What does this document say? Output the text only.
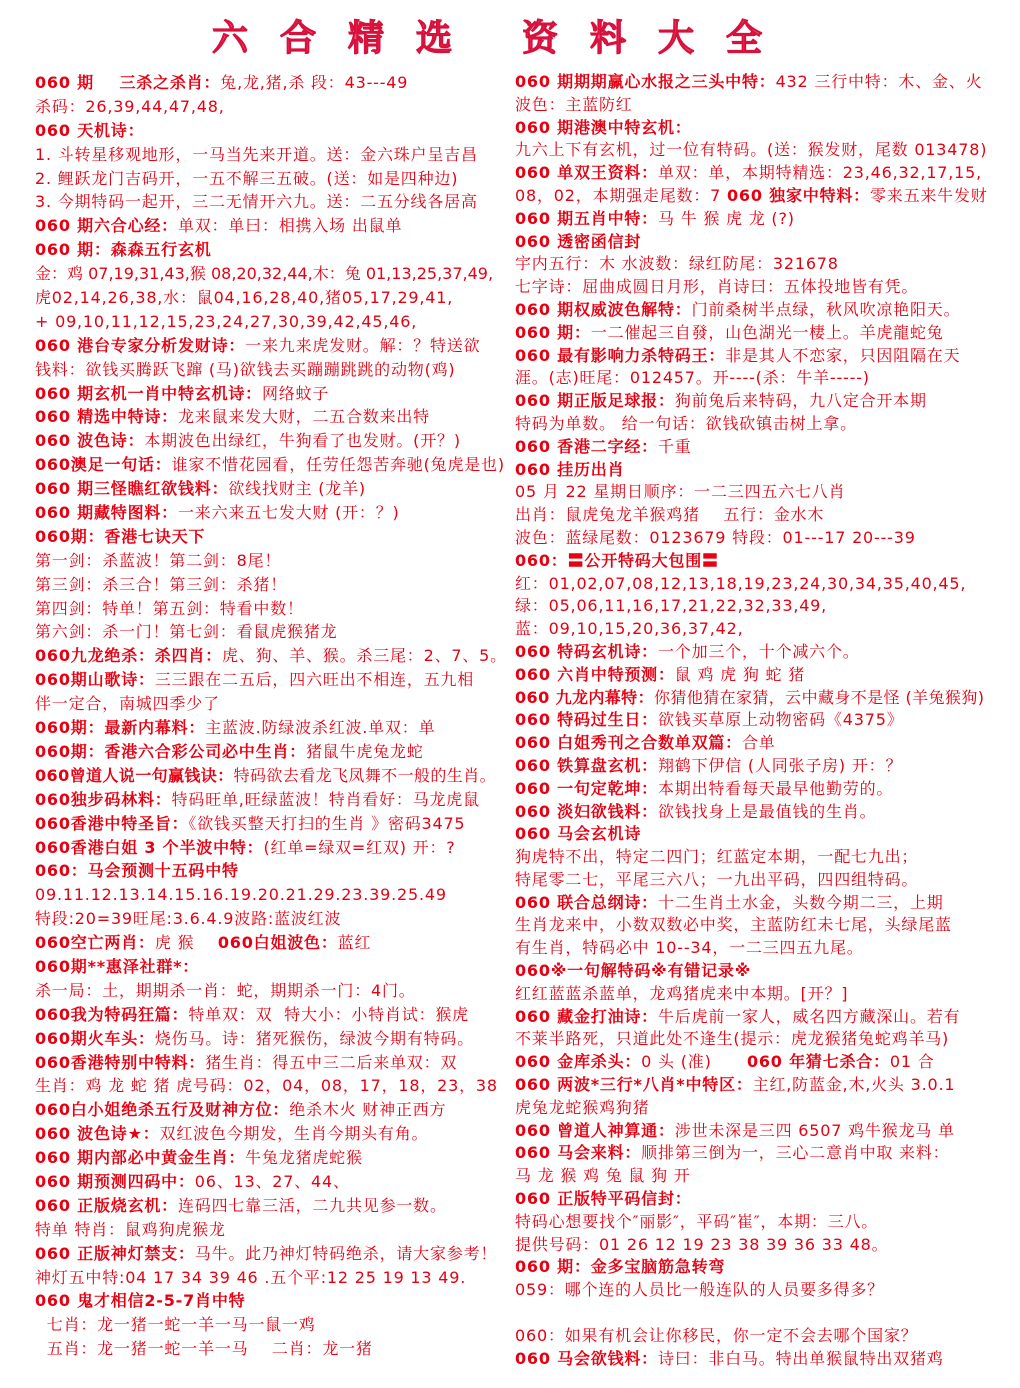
六合精选 资料大全
060 期    三杀之杀肖：兔,龙,猪,杀 段：43---49
杀码：26,39,44,47,48,
060 天机诗：
1. 斗转星移观地形，一马当先来开道。送：金六珠户呈吉昌
2. 鲤跃龙门吉码开，一五不解三五破。(送：如是四种边)
3. 今期特码一起开，三二无情开六九。送：二五分线各居高
060 期六合心经：单双：单曰：相携入场 出鼠单
060 期：森森五行玄机
金：鸡 07,19,31,43,猴 08,20,32,44,木：兔 01,13,25,37,49,
虎02,14,26,38,水：鼠04,16,28,40,猪05,17,29,41,
+ 09,10,11,12,15,23,24,27,30,39,42,45,46,
060 港台专家分析发财诗：一来九来虎发财。解：？特送欲
钱料：欲钱买腾跃飞蹿 (马)欲钱去买蹦蹦跳跳的动物(鸡)
060 期玄机一肖中特玄机诗：网络蚊子
060 精选中特诗：龙来鼠来发大财，二五合数来出特
060 波色诗：本期波色出绿红，牛狗看了也发财。(开？)
060澳足一句话：谁家不惜花园看，任劳任怨苦奔驰(兔虎是也)
060 期三怪瞧红欲钱料：欲线找财主 (龙羊)
060 期藏特图料：一来六来五七发大财 (开：？)
060期：香港七诀天下
第一剑：杀蓝波！第二剑：8尾！
第三剑：杀三合！第三剑：杀猪！
第四剑：特单！第五剑：特看中数！
第六剑：杀一门！第七剑：看鼠虎猴猪龙
060九龙绝杀：杀四肖：虎、狗、羊、猴。杀三尾：2、7、5。
060期山歌诗：三三跟在二五后，四六旺出不相连，五九相
伴一定合，南城四季少了
060期：最新内幕料：主蓝波.防绿波杀红波.单双：单
060期：香港六合彩公司必中生肖：猪鼠牛虎兔龙蛇
060曾道人说一句赢钱诀：特码欲去看龙飞凤舞不一般的生肖。
060独步码林料：特码旺单,旺绿蓝波！特肖看好：马龙虎鼠
060香港中特圣旨：《欲钱买整天打扫的生肖 》密码3475
060香港白姐 3 个半波中特：(红单=绿双=红双) 开：?
060：马会预测十五码中特
09.11.12.13.14.15.16.19.20.21.29.23.39.25.49
特段:20=39旺尾:3.6.4.9波路:蓝波红波
060空亡两肖：虎 猴    060白姐波色：蓝红
060期**惠泽社群*：
杀一局：土，期期杀一肖：蛇，期期杀一门：4门。
060我为特码狂篇：特单双：双  特大小：小特肖试：猴虎
060期火车头：烧伤马。诗：猪死猴伤，绿波今期有特码。
060香港特别中特料：猪生肖：得五中三二后来单双：双
生肖：鸡 龙 蛇 猪 虎号码：02，04，08，17，18，23，38
060白小姐绝杀五行及财神方位：绝杀木火 财神正西方
060 波色诗★：双红波色今期发，生肖今期头有角。
060 期内部必中黄金生肖：牛兔龙猪虎蛇猴
060 期预测四码中：06、13、27、44、
060 正版烧玄机：连码四七靠三活，二九共见参一数。
特单 特肖：鼠鸡狗虎猴龙
060 正版神灯禁支：马牛。此乃神灯特码绝杀，请大家参考！
神灯五中特:04 17 34 39 46 .五个平:12 25 19 13 49.
060 鬼才相信2-5-7肖中特
七肖：龙一猪一蛇一羊一马一鼠一鸡
五肖：龙一猪一蛇一羊一马    二肖：龙一猪
060 期期期赢心水报之三头中特：432 三行中特：木、金、火
波色：主蓝防红
060 期港澳中特玄机：
九六上下有玄机，过一位有特码。(送：猴发财，尾数 013478)
060 单双王资料：单双：单，本期特精选：23,46,32,17,15,
08，02，本期强走尾数：7 060 独家中特料：零来五来牛发财
060 期五肖中特：马 牛 猴 虎 龙 (?)
060 透密函信封
宇内五行：木 水波数：绿红防尾：321678
七字诗：屈曲成圆日月形，肖诗曰：五体投地皆有凭。
060 期权威波色解特：门前桑树半点绿，秋风吹凉艳阳天。
060 期：一二催起三自發，山色湖光一棲上。羊虎龍蛇兔
060 最有影响力杀特码王：非是其人不恋家，只因阻隔在天
涯。(志)旺尾：012457。开----(杀：牛羊-----)
060 期正版足球报：狗前兔后来特码，九八定合开本期
特码为单数。 给一句话：欲钱砍镇击树上拿。
060 香港二字经：千重
060 挂历出肖
05 月 22 星期日顺序：一二三四五六七八肖
出肖：鼠虎兔龙羊猴鸡猪    五行：金水木
波色：蓝绿尾数：0123679 特段：01---17 20---39
060：〓公开特码大包围〓
红：01,02,07,08,12,13,18,19,23,24,30,34,35,40,45,
绿：05,06,11,16,17,21,22,32,33,49,
蓝：09,10,15,20,36,37,42,
060 特码玄机诗：一个加三个，十个减六个。
060 六肖中特预测：鼠 鸡 虎 狗 蛇 猪
060 九龙内幕特：你猜他猜在家猜，云中藏身不是怪 (羊兔猴狗)
060 特码过生日：欲钱买草原上动物密码《4375》
060 白姐秀刊之合数单双篇：合单
060 铁算盘玄机：翔鹤下伊信 (人同张子房) 开：？
060 一句定乾坤：本期出特看每天最早他勤劳的。
060 淡妇欲钱料：欲钱找身上是最值钱的生肖。
060 马会玄机诗
狗虎特不出，特定二四门；红蓝定本期，一配七九出；
特尾零二七，平尾三六八；一九出平码，四四组特码。
060 联合总纲诗：十二生肖土水金，头数今期二三，上期
生肖龙来中，小数双数必中奖，主蓝防红未七尾，头绿尾蓝
有生肖，特码必中 10--34，一二三四五九尾。
060※一句解特码※有错记录※
红红蓝蓝杀蓝单，龙鸡猪虎来中本期。[开？]
060 藏金打油诗：牛后虎前一家人，威名四方藏深山。若有
不莱半路死，只道此处不逢生(提示：虎龙猴猪兔蛇鸡羊马)
060 金库杀头：0 头 (准)      060 年猜七杀合：01 合
060 两波*三行*八肖*中特区：主红,防蓝金,木,火头 3.0.1
虎兔龙蛇猴鸡狗猪
060 曾道人神算通：涉世未深是三四 6507 鸡牛猴龙马 单
060 马会来料：顺排第三倒为一，三心二意肖中取 来料：
马 龙 猴 鸡 兔 鼠 狗 开
060 正版特平码信封：
特码心想要找个″丽影″，平码″崔″，本期：三八。
提供号码：01 26 12 19 23 38 39 36 33 48。
060 期：金多宝脑筋急转弯
059：哪个连的人员比一般连队的人员要多得多？
060：如果有机会让你移民，你一定不会去哪个国家？
060 马会欲钱料：诗曰：非白马。特出单猴鼠特出双猪鸡
